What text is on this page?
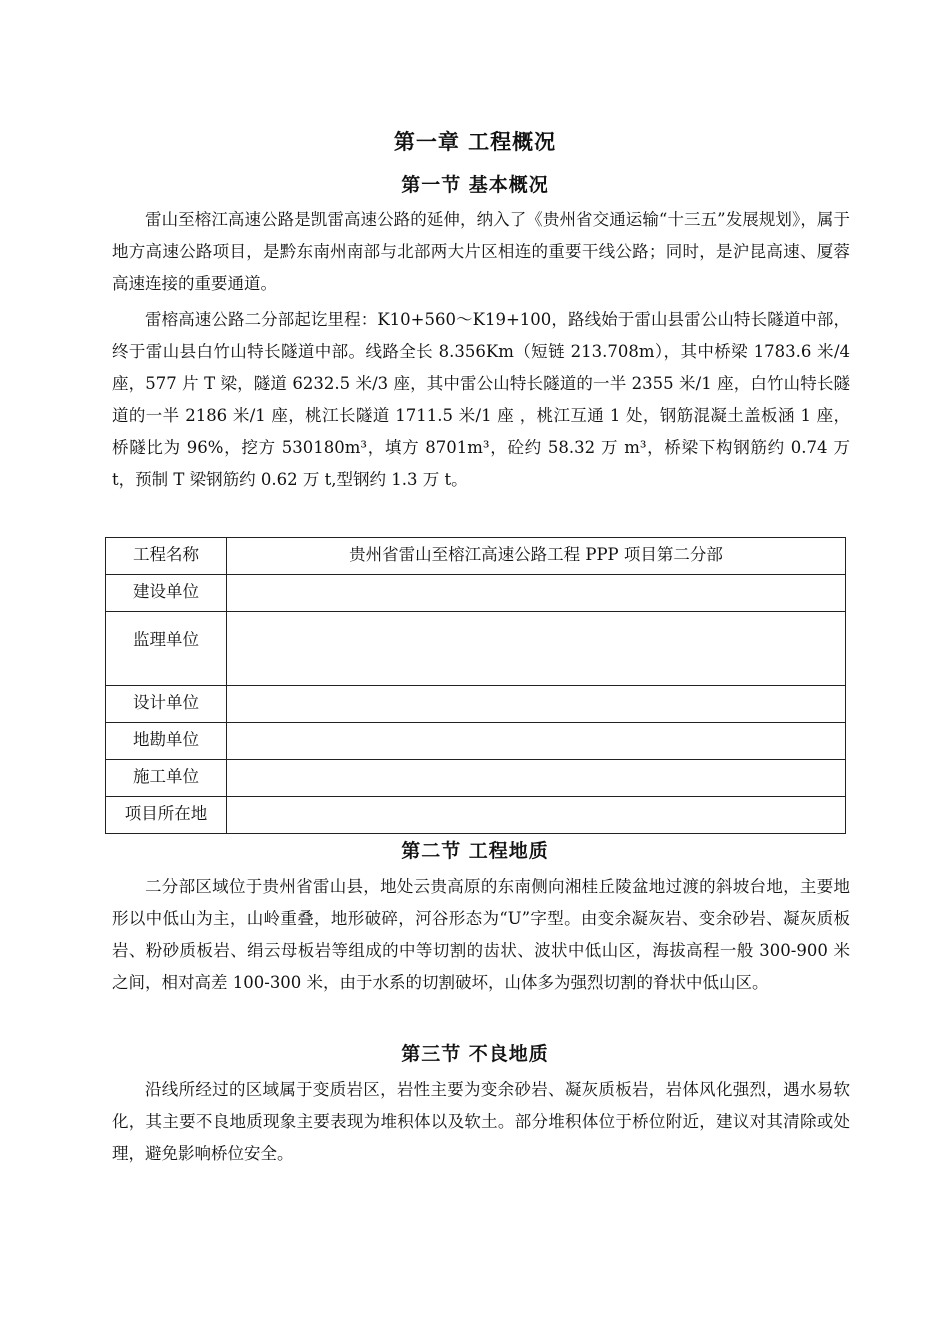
第一章 工程概况
第一节 基本概况

雷山至榕江高速公路是凯雷高速公路的延伸，纳入了《贵州省交通运输“十三五”发展规划》，属于地方高速公路项目，是黔东南州南部与北部两大片区相连的重要干线公路；同时，是沪昆高速、厦蓉高速连接的重要通道。

雷榕高速公路二分部起讫里程：K10+560～K19+100，路线始于雷山县雷公山特长隧道中部，终于雷山县白竹山特长隧道中部。线路全长 8.356Km（短链 213.708m），其中桥梁 1783.6 米/4 座，577 片 T 梁，隧道 6232.5 米/3 座，其中雷公山特长隧道的一半 2355 米/1 座，白竹山特长隧道的一半 2186 米/1 座，桃江长隧道 1711.5 米/1 座 ，桃江互通 1 处，钢筋混凝土盖板涵 1 座，桥隧比为 96%，挖方 530180m³，填方 8701m³，砼约 58.32 万 m³，桥梁下构钢筋约 0.74 万 t，预制 T 梁钢筋约 0.62 万 t,型钢约 1.3 万 t。

工程名称	贵州省雷山至榕江高速公路工程 PPP 项目第二分部
建设单位	
监理单位	
设计单位	
地勘单位	
施工单位	
项目所在地	
第二节 工程地质

二分部区域位于贵州省雷山县，地处云贵高原的东南侧向湘桂丘陵盆地过渡的斜坡台地，主要地形以中低山为主，山岭重叠，地形破碎，河谷形态为“U”字型。由变余凝灰岩、变余砂岩、凝灰质板岩、粉砂质板岩、绢云母板岩等组成的中等切割的齿状、波状中低山区，海拔高程一般 300-900 米之间，相对高差 100-300 米，由于水系的切割破坏，山体多为强烈切割的脊状中低山区。

第三节 不良地质

沿线所经过的区域属于变质岩区，岩性主要为变余砂岩、凝灰质板岩，岩体风化强烈，遇水易软化，其主要不良地质现象主要表现为堆积体以及软土。部分堆积体位于桥位附近，建议对其清除或处理，避免影响桥位安全。
